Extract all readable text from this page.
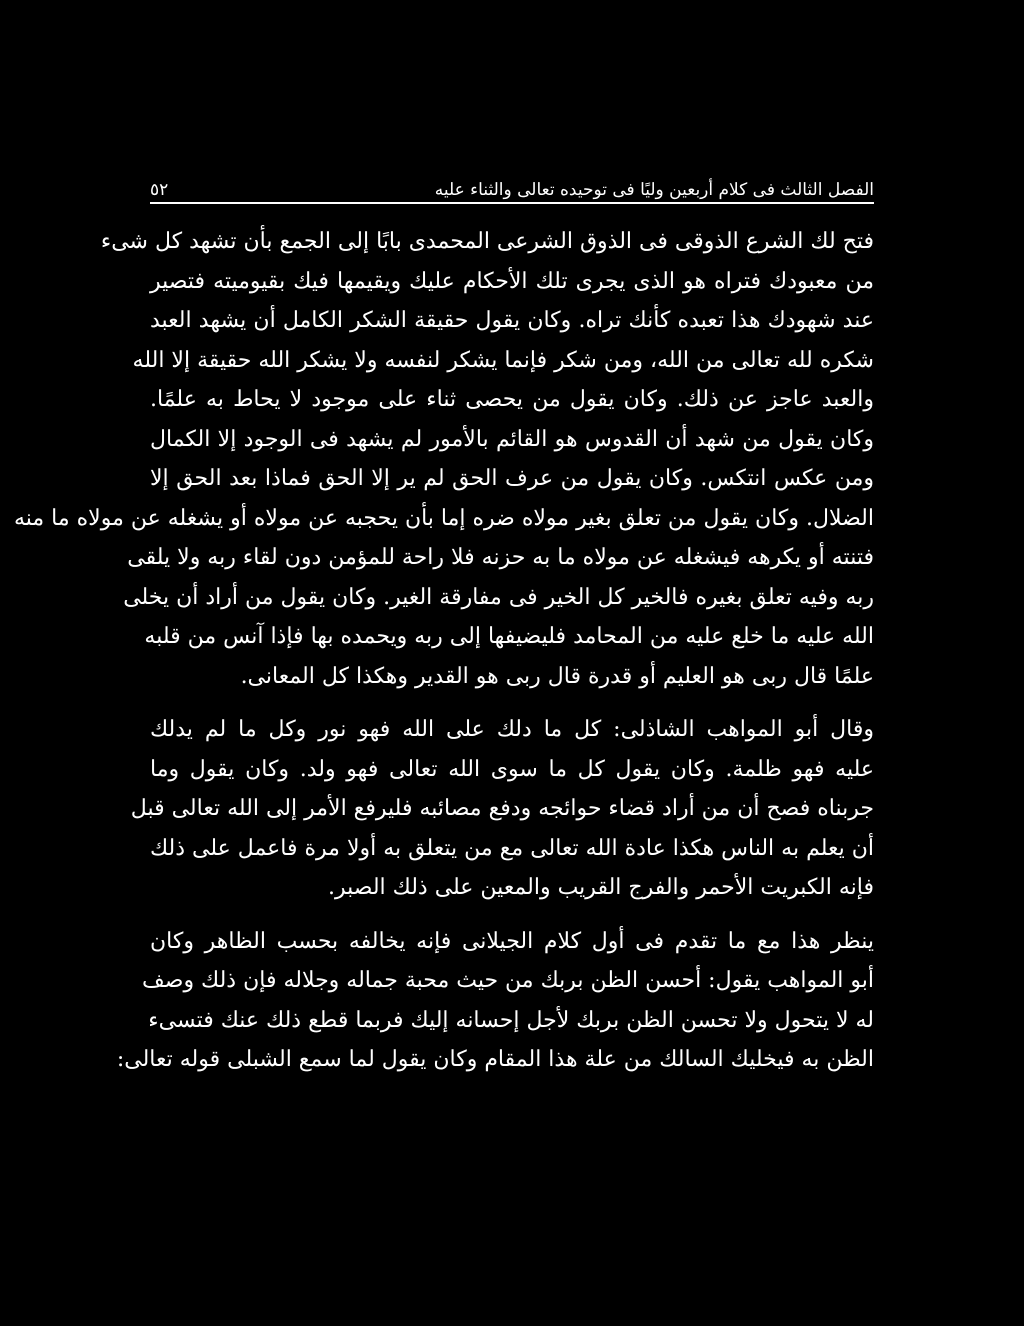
٥٢	الفصل الثالث فى كلام أربعين وليًا فى توحيده تعالى والثناء عليه
فتح لك الشرع الذوقى فى الذوق الشرعى المحمدى بابًا إلى الجمع بأن تشهد كل شىء
من معبودك فتراه هو الذى يجرى تلك الأحكام عليك ويقيمها فيك بقيوميته فتصير
عند شهودك هذا تعبده كأنك تراه. وكان يقول حقيقة الشكر الكامل أن يشهد العبد
شكره لله تعالى من الله، ومن شكر فإنما يشكر لنفسه ولا يشكر الله حقيقة إلا الله
والعبد عاجز عن ذلك. وكان يقول من يحصى ثناء على موجود لا يحاط به علمًا.
وكان يقول من شهد أن القدوس هو القائم بالأمور لم يشهد فى الوجود إلا الكمال
ومن عكس انتكس. وكان يقول من عرف الحق لم ير إلا الحق فماذا بعد الحق إلا
الضلال. وكان يقول من تعلق بغير مولاه ضره إما بأن يحجبه عن مولاه أو يشغله عن مولاه ما منه
فتنته أو يكرهه فيشغله عن مولاه ما به حزنه فلا راحة للمؤمن دون لقاء ربه ولا يلقى
ربه وفيه تعلق بغيره فالخير كل الخير فى مفارقة الغير. وكان يقول من أراد أن يخلى
الله عليه ما خلع عليه من المحامد فليضيفها إلى ربه ويحمده بها فإذا آنس من قلبه
علمًا قال ربى هو العليم أو قدرة قال ربى هو القدير وهكذا كل المعانى.
وقال أبو المواهب الشاذلى: كل ما دلك على الله فهو نور وكل ما لم يدلك
عليه فهو ظلمة. وكان يقول كل ما سوى الله تعالى فهو ولد. وكان يقول وما
جربناه فصح أن من أراد قضاء حوائجه ودفع مصائبه فليرفع الأمر إلى الله تعالى قبل
أن يعلم به الناس هكذا عادة الله تعالى مع من يتعلق به أولا مرة فاعمل على ذلك
فإنه الكبريت الأحمر والفرج القريب والمعين على ذلك الصبر.
ينظر هذا مع ما تقدم فى أول كلام الجيلانى فإنه يخالفه بحسب الظاهر وكان
أبو المواهب يقول: أحسن الظن بربك من حيث محبة جماله وجلاله فإن ذلك وصف
له لا يتحول ولا تحسن الظن بربك لأجل إحسانه إليك فربما قطع ذلك عنك فتسىء
الظن به فيخليك السالك من علة هذا المقام وكان يقول لما سمع الشبلى قوله تعالى:
